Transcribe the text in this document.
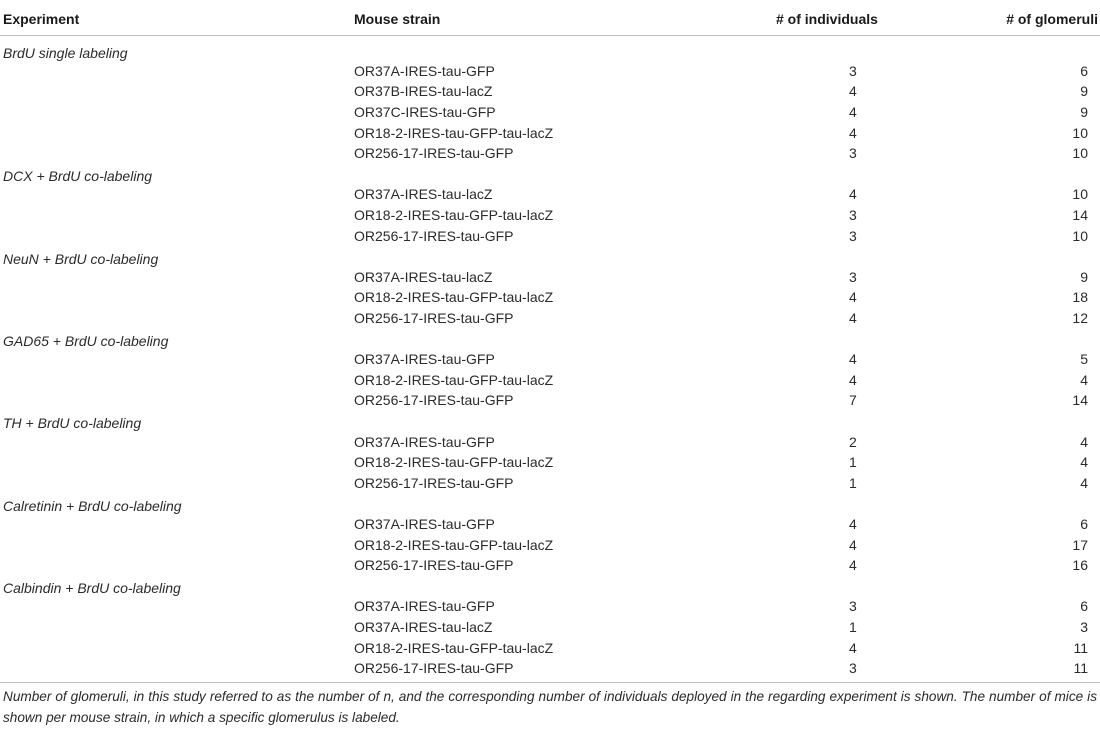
Experiment	Mouse strain	# of individuals	# of glomeruli
BrdU single labeling			
	OR37A-IRES-tau-GFP	3	6
	OR37B-IRES-tau-lacZ	4	9
	OR37C-IRES-tau-GFP	4	9
	OR18-2-IRES-tau-GFP-tau-lacZ	4	10
	OR256-17-IRES-tau-GFP	3	10
DCX + BrdU co-labeling			
	OR37A-IRES-tau-lacZ	4	10
	OR18-2-IRES-tau-GFP-tau-lacZ	3	14
	OR256-17-IRES-tau-GFP	3	10
NeuN + BrdU co-labeling			
	OR37A-IRES-tau-lacZ	3	9
	OR18-2-IRES-tau-GFP-tau-lacZ	4	18
	OR256-17-IRES-tau-GFP	4	12
GAD65 + BrdU co-labeling			
	OR37A-IRES-tau-GFP	4	5
	OR18-2-IRES-tau-GFP-tau-lacZ	4	4
	OR256-17-IRES-tau-GFP	7	14
TH + BrdU co-labeling			
	OR37A-IRES-tau-GFP	2	4
	OR18-2-IRES-tau-GFP-tau-lacZ	1	4
	OR256-17-IRES-tau-GFP	1	4
Calretinin + BrdU co-labeling			
	OR37A-IRES-tau-GFP	4	6
	OR18-2-IRES-tau-GFP-tau-lacZ	4	17
	OR256-17-IRES-tau-GFP	4	16
Calbindin + BrdU co-labeling			
	OR37A-IRES-tau-GFP	3	6
	OR37A-IRES-tau-lacZ	1	3
	OR18-2-IRES-tau-GFP-tau-lacZ	4	11
	OR256-17-IRES-tau-GFP	3	11
Number of glomeruli, in this study referred to as the number of n, and the corresponding number of individuals deployed in the regarding experiment is shown. The number of mice is shown per mouse strain, in which a specific glomerulus is labeled.
